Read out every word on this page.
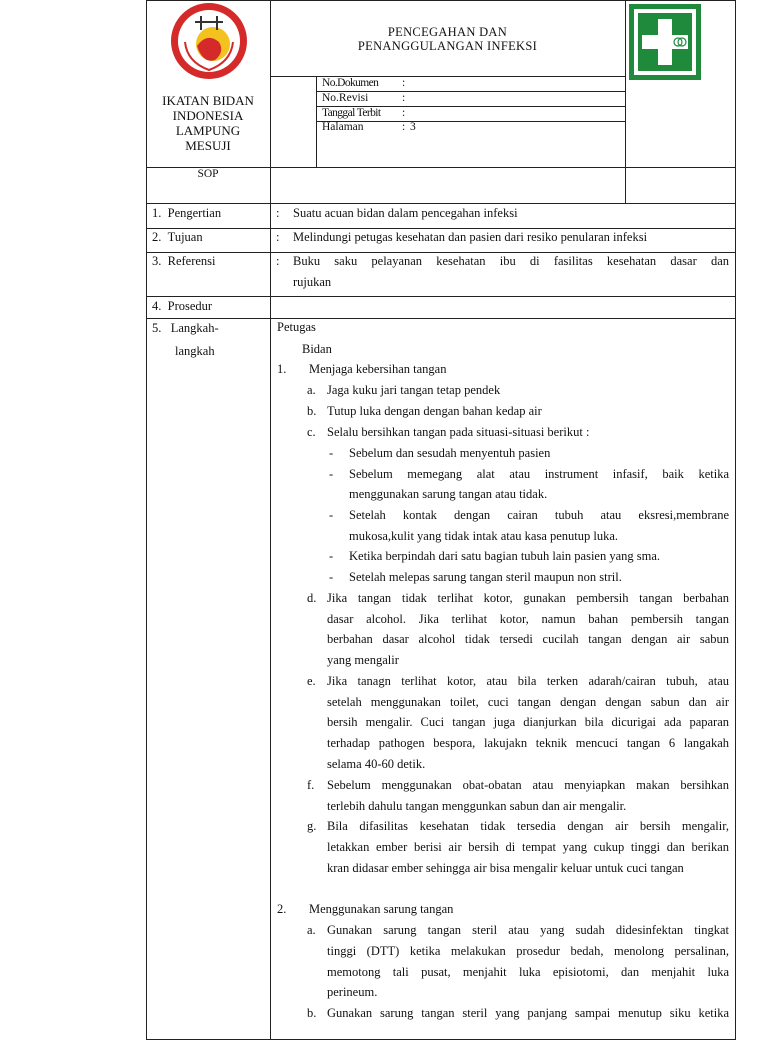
IKATAN BIDAN
INDONESIA
LAMPUNG
MESUJI
PENCEGAHAN DAN
PENANGGULANGAN INFEKSI
No.Dokumen :
No.Revisi	:
Tanggal Terbit :
Halaman	: 3
SOP
1. Pengertian	: Suatu acuan bidan dalam pencegahan infeksi
2. Tujuan	: Melindungi petugas kesehatan dan pasien dari resiko penularan infeksi
3. Referensi	: Buku saku pelayanan kesehatan ibu di fasilitas kesehatan dasar dan
rujukan
4. Prosedur
5. Langkah-
langkah
Petugas
Bidan
1. Menjaga kebersihan tangan
a. Jaga kuku jari tangan tetap pendek
b. Tutup luka dengan dengan bahan kedap air
c. Selalu bersihkan tangan pada situasi-situasi berikut :
- Sebelum dan sesudah menyentuh pasien
- Sebelum memegang alat atau instrument infasif, baik ketika
menggunakan sarung tangan atau tidak.
- Setelah kontak dengan cairan tubuh atau eksresi,membrane
mukosa,kulit yang tidak intak atau kasa penutup luka.
- Ketika berpindah dari satu bagian tubuh lain pasien yang sma.
- Setelah melepas sarung tangan steril maupun non stril.
d. Jika tangan tidak terlihat kotor, gunakan pembersih tangan berbahan
dasar alcohol. Jika terlihat kotor, namun bahan pembersih tangan
berbahan dasar alcohol tidak tersedi cucilah tangan dengan air sabun
yang mengalir
e. Jika tanagn terlihat kotor, atau bila terken adarah/cairan tubuh, atau
setelah menggunakan toilet, cuci tangan dengan dengan sabun dan air
bersih mengalir. Cuci tangan juga dianjurkan bila dicurigai ada paparan
terhadap pathogen bespora, lakujakn teknik mencuci tangan 6 langakah
selama 40-60 detik.
f. Sebelum menggunakan obat-obatan atau menyiapkan makan bersihkan
terlebih dahulu tangan menggunkan sabun dan air mengalir.
g. Bila difasilitas kesehatan tidak tersedia dengan air bersih mengalir,
letakkan ember berisi air bersih di tempat yang cukup tinggi dan berikan
kran didasar ember sehingga air bisa mengalir keluar untuk cuci tangan
2. Menggunakan sarung tangan
a. Gunakan sarung tangan steril atau yang sudah didesinfektan tingkat
tinggi (DTT) ketika melakukan prosedur bedah, menolong persalinan,
memotong tali pusat, menjahit luka episiotomi, dan menjahit luka
perineum.
b. Gunakan sarung tangan steril yang panjang sampai menutup siku ketika
